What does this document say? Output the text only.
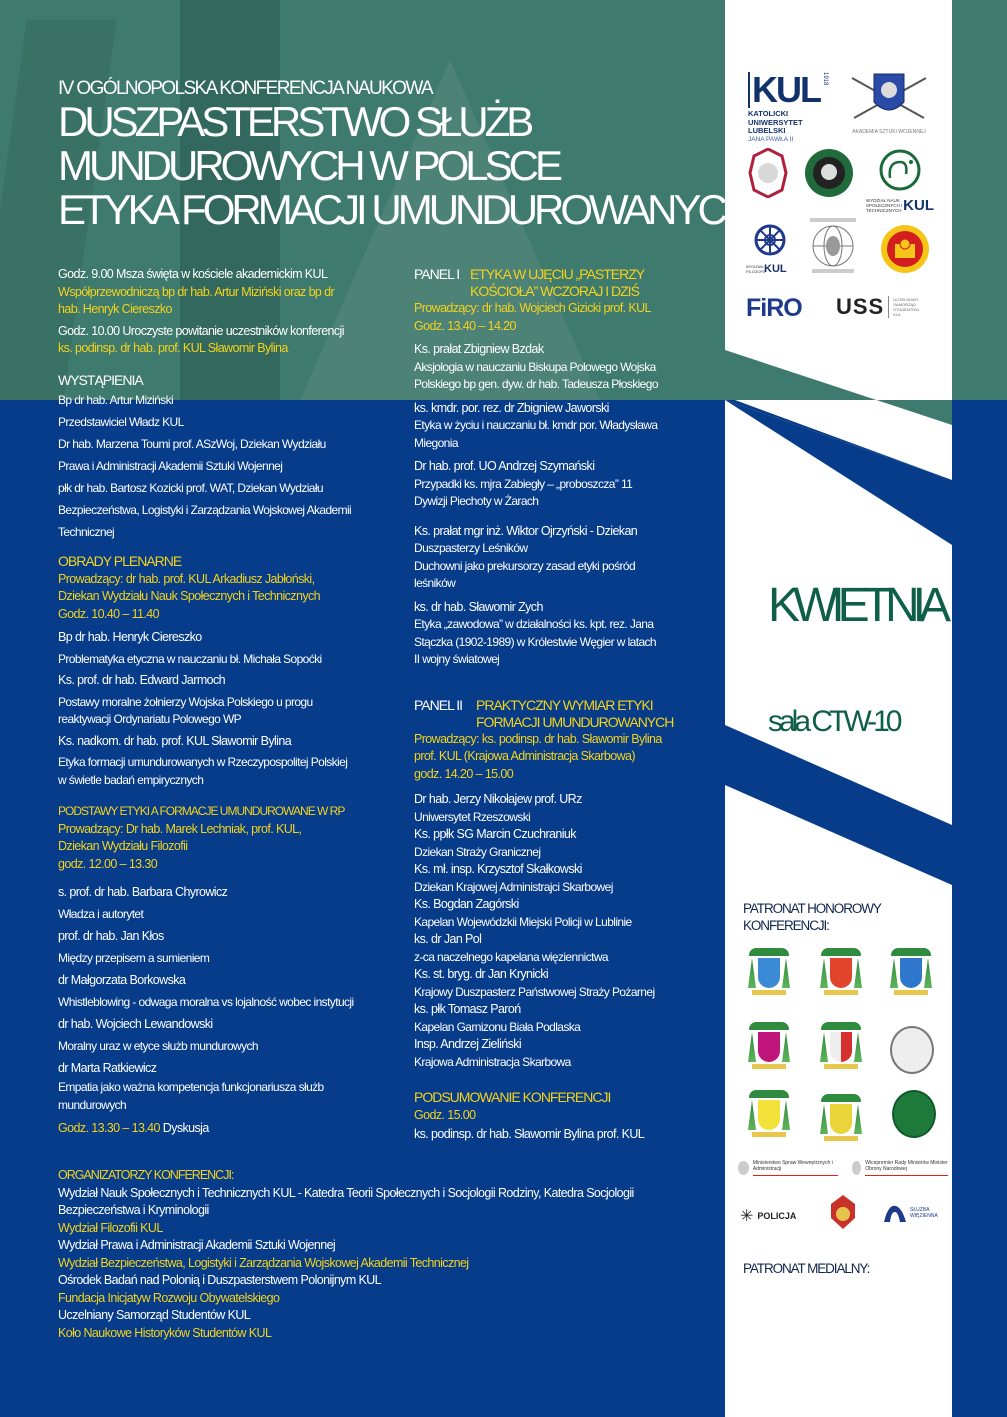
IV OGÓLNOPOLSKA KONFERENCJA NAUKOWA
DUSZPASTERSTWO SŁUŻB
MUNDUROWYCH W POLSCE
ETYKA FORMACJI UMUNDUROWANYCH
Godz. 9.00 Msza święta w kościele akademickim KUL
Współprzewodniczą bp dr hab. Artur Miziński oraz bp dr
hab. Henryk Ciereszko
Godz. 10.00 Uroczyste powitanie uczestników konferencji
ks. podinsp. dr hab. prof. KUL Sławomir Bylina
WYSTĄPIENIA
Bp dr hab. Artur Miziński
Przedstawiciel Władz KUL
Dr hab. Marzena Toumi prof. ASzWoj, Dziekan Wydziału
Prawa i Administracji Akademii Sztuki Wojennej
płk dr hab. Bartosz Kozicki prof. WAT, Dziekan Wydziału
Bezpieczeństwa, Logistyki i Zarządzania Wojskowej Akademii
Technicznej
OBRADY PLENARNE
Prowadzący: dr hab. prof. KUL Arkadiusz Jabłoński,
Dziekan Wydziału Nauk Społecznych i Technicznych
Godz. 10.40 – 11.40
Bp dr hab. Henryk Ciereszko
Problematyka etyczna w nauczaniu bł. Michała Sopoćki
Ks. prof. dr hab. Edward Jarmoch
Postawy moralne żołnierzy Wojska Polskiego u progu
reaktywacji Ordynariatu Polowego WP
Ks. nadkom. dr hab. prof. KUL Sławomir Bylina
Etyka formacji umundurowanych w Rzeczypospolitej Polskiej
w świetle badań empirycznych
PODSTAWY ETYKI A FORMACJE UMUNDUROWANE W RP
Prowadzący: Dr hab. Marek Lechniak, prof. KUL,
Dziekan Wydziału Filozofii
godz. 12.00 – 13.30
s. prof. dr hab. Barbara Chyrowicz
Władza i autorytet
prof. dr hab. Jan Kłos
Między przepisem a sumieniem
dr Małgorzata Borkowska
Whistleblowing - odwaga moralna vs lojalność wobec instytucji
dr hab. Wojciech Lewandowski
Moralny uraz w etyce służb mundurowych
dr Marta Ratkiewicz
Empatia jako ważna kompetencja funkcjonariusza służb
mundurowych
Godz. 13.30 – 13.40 Dyskusja
PANEL I ETYKA W UJĘCIU „PASTERZY
KOŚCIOŁA” WCZORAJ I DZIŚ
Prowadzący: dr hab. Wojciech Gizicki prof. KUL
Godz. 13.40 – 14.20
Ks. prałat Zbigniew Bzdak
Aksjologia w nauczaniu Biskupa Polowego Wojska
Polskiego bp gen. dyw. dr hab. Tadeusza Płoskiego
ks. kmdr. por. rez. dr Zbigniew Jaworski
Etyka w życiu i nauczaniu bł. kmdr por. Władysława
Miegonia
Dr hab. prof. UO Andrzej Szymański
Przypadki ks. mjra Zabiegły – „proboszcza” 11
Dywizji Piechoty w Żarach
Ks. prałat mgr inż. Wiktor Ojrzyński - Dziekan
Duszpasterzy Leśników
Duchowni jako prekursorzy zasad etyki pośród
leśników
ks. dr hab. Sławomir Zych
Etyka „zawodowa” w działalności ks. kpt. rez. Jana
Stączka (1902-1989) w Królestwie Węgier w latach
II wojny światowej
PANEL II PRAKTYCZNY WYMIAR ETYKI
FORMACJI UMUNDUROWANYCH
Prowadzący: ks. podinsp. dr hab. Sławomir Bylina
prof. KUL (Krajowa Administracja Skarbowa)
godz. 14.20 – 15.00
Dr hab. Jerzy Nikołajew prof. URz
Uniwersytet Rzeszowski
Ks. ppłk SG Marcin Czuchraniuk
Dziekan Straży Granicznej
Ks. mł. insp. Krzysztof Skałkowski
Dziekan Krajowej Administrajci Skarbowej
Ks. Bogdan Zagórski
Kapelan Wojewódzkii Miejski Policji w Lublinie
ks. dr Jan Pol
z-ca naczelnego kapelana więziennictwa
Ks. st. bryg. dr Jan Krynicki
Krajowy Duszpasterz Państwowej Straży Pożarnej
ks. płk Tomasz Paroń
Kapelan Garnizonu Biała Podlaska
Insp. Andrzej Zieliński
Krajowa Administracja Skarbowa
PODSUMOWANIE KONFERENCJI
Godz. 15.00
ks. podinsp. dr hab. Sławomir Bylina prof. KUL
ORGANIZATORZY KONFERENCJI:
Wydział Nauk Społecznych i Technicznych KUL - Katedra Teorii Społecznych i Socjologii Rodziny, Katedra Socjologii
Bezpieczeństwa i Kryminologii
Wydział Filozofii KUL
Wydział Prawa i Administracji Akademii Sztuki Wojennej
Wydział Bezpieczeństwa, Logistyki i Zarządzania Wojskowej Akademii Technicznej
Ośrodek Badań nad Polonią i Duszpasterstwem Polonijnym KUL
Fundacja Inicjatyw Rozwoju Obywatelskiego
Uczelniany Samorząd Studentów KUL
Koło Naukowe Historyków Studentów KUL
KUL 1918
KATOLICKI
UNIWERSYTET
LUBELSKI
JANA PAWŁA II
AKADEMIA SZTUKI WOJENNEJ
WYDZIAŁ NAUK SPOŁECZNYCH I TECHNICZNYCH KUL
WYDZIAŁ FILOZOFII
KUL
FiRO USS UCZELNIANY SAMORZĄD STUDENTÓW KUL
KWIETNIA
sala CTW-10
PATRONAT HONOROWY
KONFERENCJI:
Ministerstwo Spraw Wewnętrznych i Administracji
Wicepremier Rady Ministrów Minister Obrony Narodowej
✳ POLICJA
SŁUŻBA WIĘZIENNA
PATRONAT MEDIALNY:
